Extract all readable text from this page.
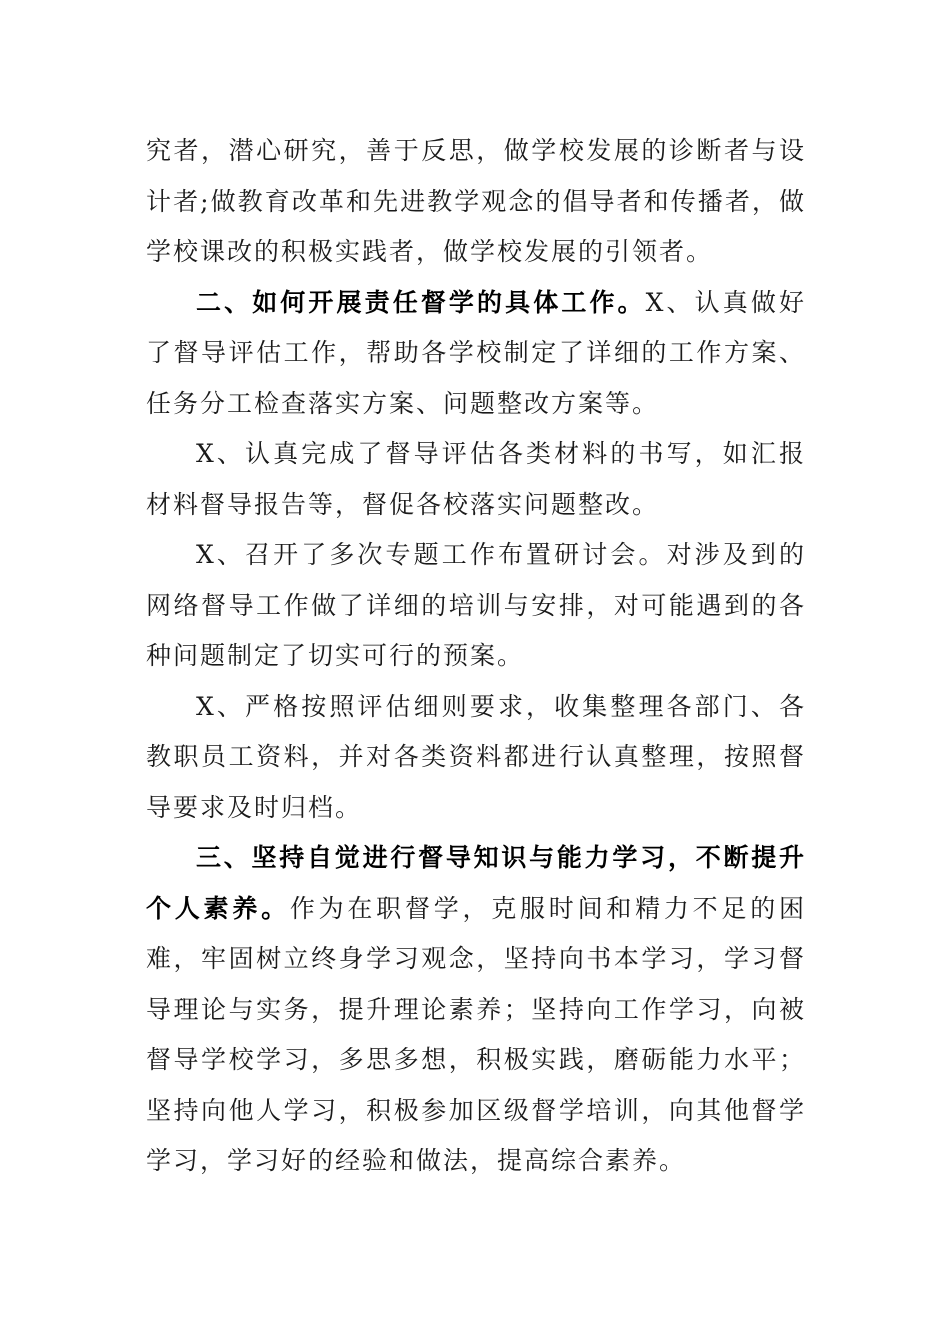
究者，潜心研究，善于反思，做学校发展的诊断者与设计者;做教育改革和先进教学观念的倡导者和传播者，做学校课改的积极实践者，做学校发展的引领者。

二、如何开展责任督学的具体工作。X、认真做好了督导评估工作，帮助各学校制定了详细的工作方案、任务分工检查落实方案、问题整改方案等。

X、认真完成了督导评估各类材料的书写，如汇报材料督导报告等，督促各校落实问题整改。

X、召开了多次专题工作布置研讨会。对涉及到的网络督导工作做了详细的培训与安排，对可能遇到的各种问题制定了切实可行的预案。

X、严格按照评估细则要求，收集整理各部门、各教职员工资料，并对各类资料都进行认真整理，按照督导要求及时归档。

三、坚持自觉进行督导知识与能力学习，不断提升个人素养。作为在职督学，克服时间和精力不足的困难，牢固树立终身学习观念，坚持向书本学习，学习督导理论与实务，提升理论素养；坚持向工作学习，向被督导学校学习，多思多想，积极实践，磨砺能力水平；坚持向他人学习，积极参加区级督学培训，向其他督学学习，学习好的经验和做法，提高综合素养。
